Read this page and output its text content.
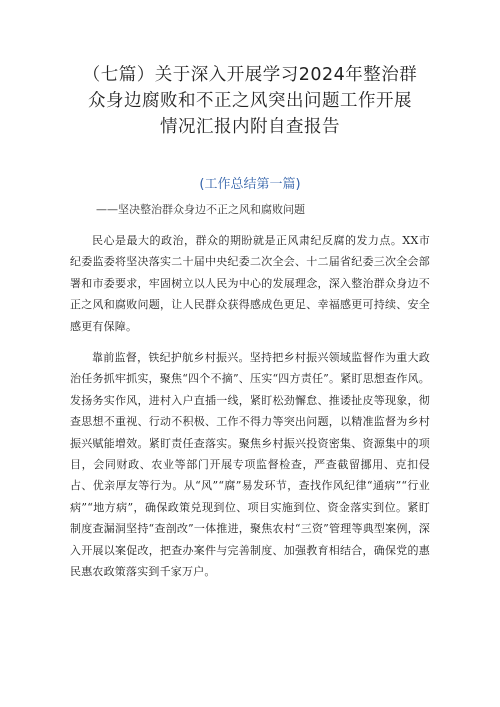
（七篇）关于深入开展学习2024年整治群
众身边腐败和不正之风突出问题工作开展
情况汇报内附自查报告
(工作总结第一篇)
——坚决整治群众身边不正之风和腐败问题

民心是最大的政治，群众的期盼就是正风肃纪反腐的发力点。XX市纪委监委将坚决落实二十届中央纪委二次全会、十二届省纪委三次全会部署和市委要求，牢固树立以人民为中心的发展理念，深入整治群众身边不正之风和腐败问题，让人民群众获得感成色更足、幸福感更可持续、安全感更有保障。

靠前监督，铁纪护航乡村振兴。坚持把乡村振兴领域监督作为重大政治任务抓牢抓实，聚焦“四个不摘”、压实“四方责任”。紧盯思想查作风。发扬务实作风，进村入户直插一线，紧盯松劲懈怠、推诿扯皮等现象，彻查思想不重视、行动不积极、工作不得力等突出问题，以精准监督为乡村振兴赋能增效。紧盯责任查落实。聚焦乡村振兴投资密集、资源集中的项目，会同财政、农业等部门开展专项监督检查，严查截留挪用、克扣侵占、优亲厚友等行为。从“风”“腐”易发环节，查找作风纪律“通病”“行业病”“地方病”，确保政策兑现到位、项目实施到位、资金落实到位。紧盯制度查漏洞坚持“查剖改”一体推进，聚焦农村“三资”管理等典型案例，深入开展以案促改，把查办案件与完善制度、加强教育相结合，确保党的惠民惠农政策落实到千家万户。
